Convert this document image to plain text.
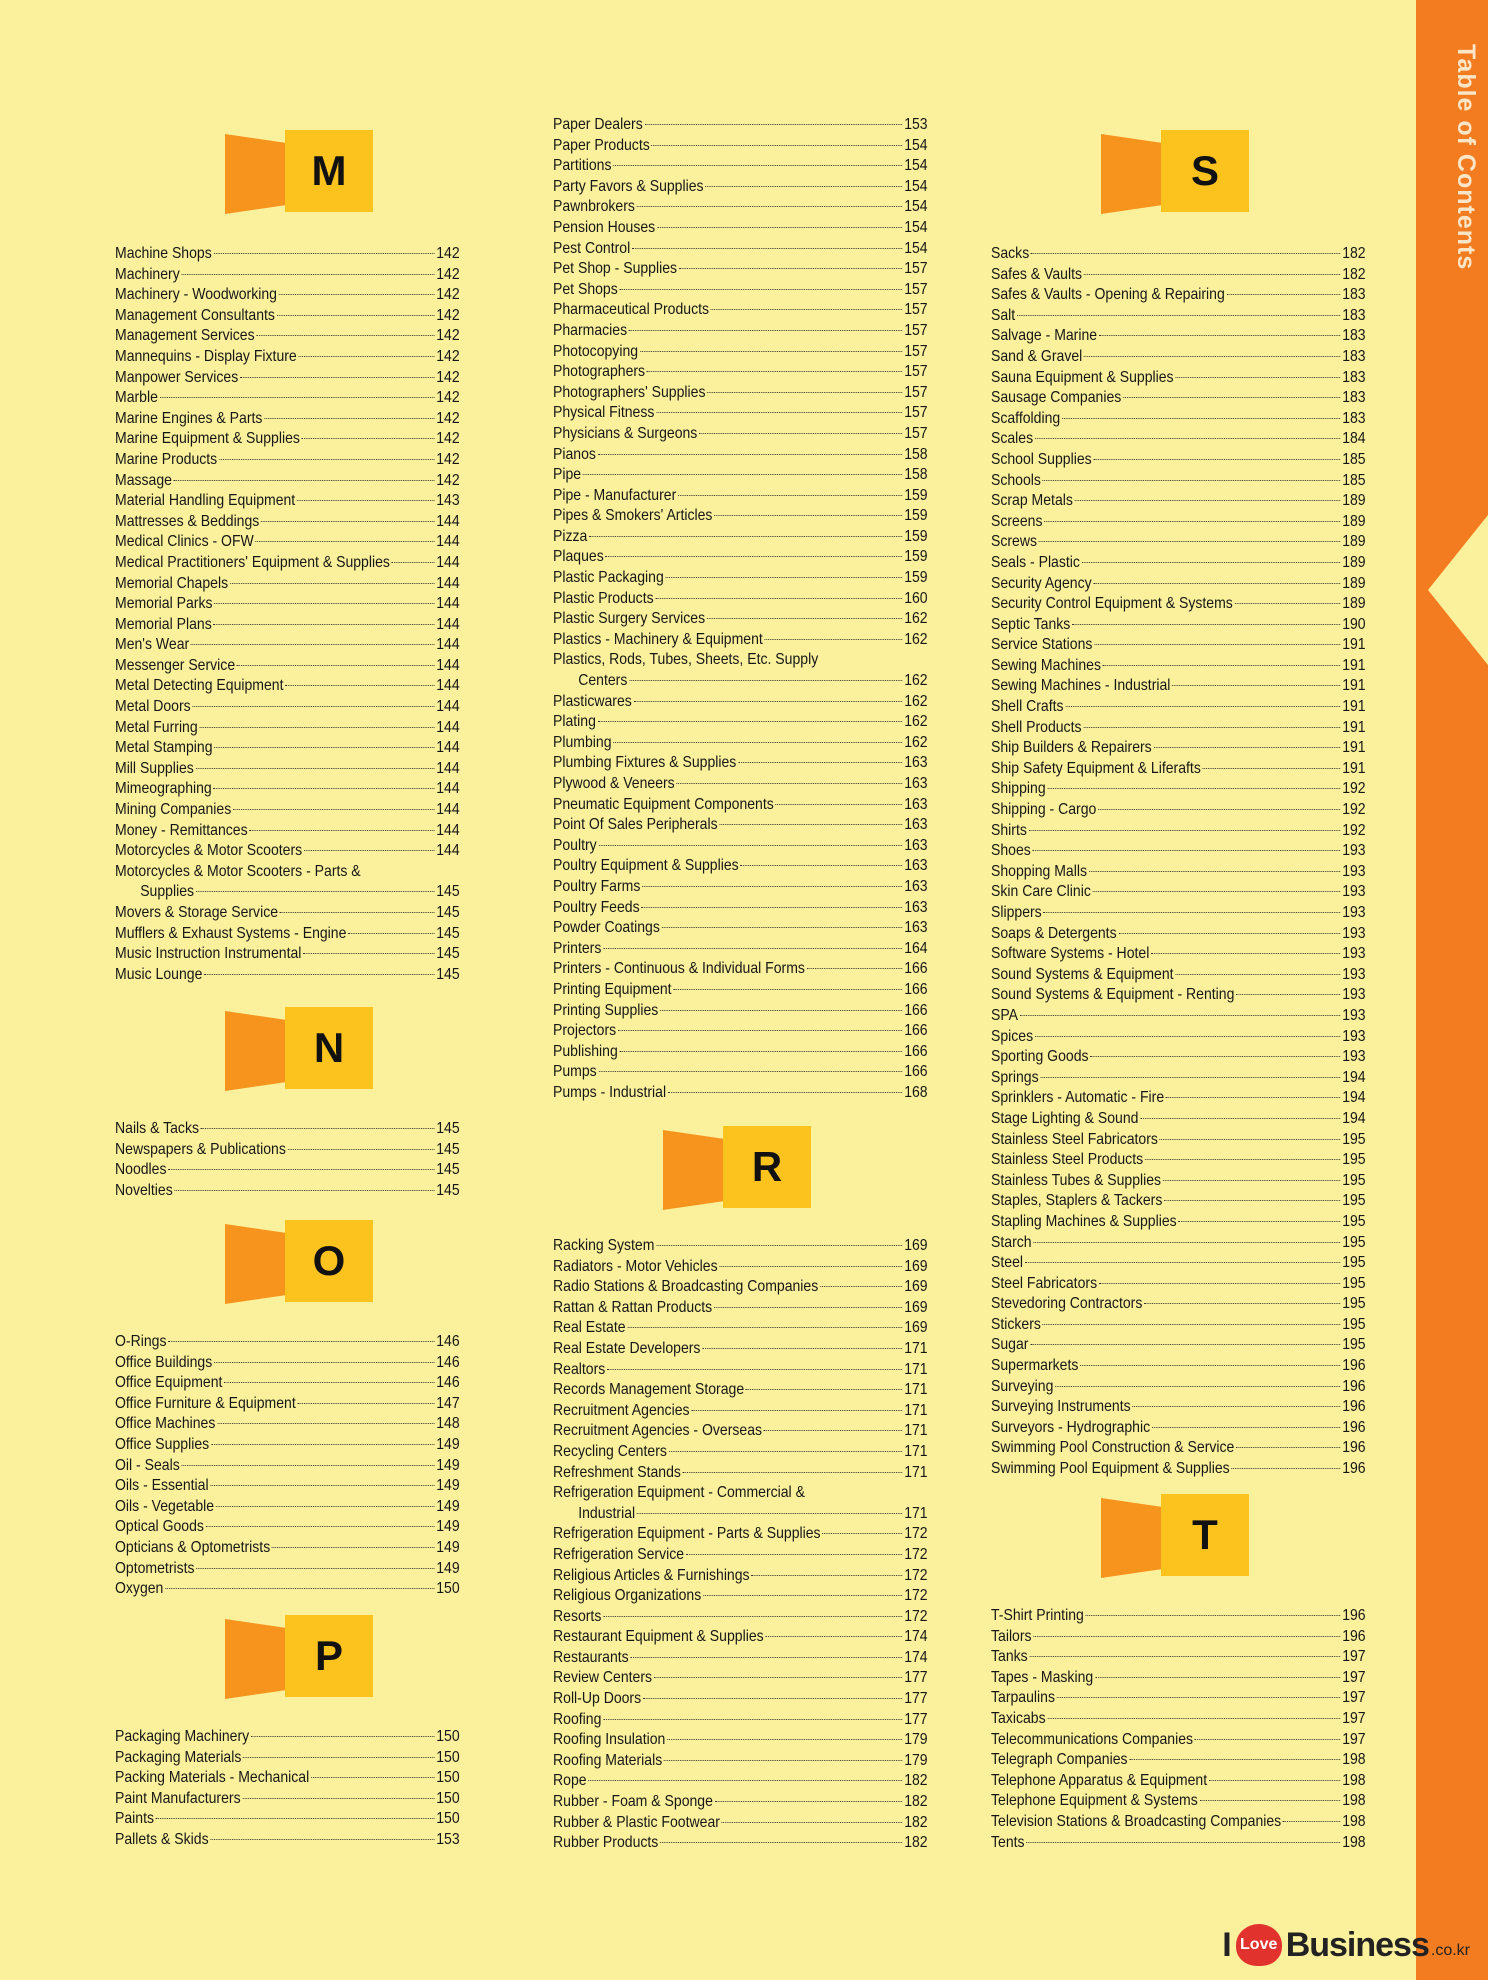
M
Machine Shops	142
Machinery	142
Machinery - Woodworking	142
Management Consultants	142
Management Services	142
Mannequins - Display Fixture	142
Manpower Services	142
Marble	142
Marine Engines & Parts	142
Marine Equipment & Supplies	142
Marine Products	142
Massage	142
Material Handling Equipment	143
Mattresses & Beddings	144
Medical Clinics - OFW	144
Medical Practitioners' Equipment & Supplies	144
Memorial Chapels	144
Memorial Parks	144
Memorial Plans	144
Men's Wear	144
Messenger Service	144
Metal Detecting Equipment	144
Metal Doors	144
Metal Furring	144
Metal Stamping	144
Mill Supplies	144
Mimeographing	144
Mining Companies	144
Money - Remittances	144
Motorcycles & Motor Scooters	144
Motorcycles & Motor Scooters - Parts &
Supplies	145
Movers & Storage Service	145
Mufflers & Exhaust Systems - Engine	145
Music Instruction Instrumental	145
Music Lounge	145
N
Nails & Tacks	145
Newspapers & Publications	145
Noodles	145
Novelties	145
O
O-Rings	146
Office Buildings	146
Office Equipment	146
Office Furniture & Equipment	147
Office Machines	148
Office Supplies	149
Oil - Seals	149
Oils - Essential	149
Oils - Vegetable	149
Optical Goods	149
Opticians & Optometrists	149
Optometrists	149
Oxygen	150
P
Packaging Machinery	150
Packaging Materials	150
Packing Materials - Mechanical	150
Paint Manufacturers	150
Paints	150
Pallets & Skids	153
Paper Dealers	153
Paper Products	154
Partitions	154
Party Favors & Supplies	154
Pawnbrokers	154
Pension Houses	154
Pest Control	154
Pet Shop - Supplies	157
Pet Shops	157
Pharmaceutical Products	157
Pharmacies	157
Photocopying	157
Photographers	157
Photographers' Supplies	157
Physical Fitness	157
Physicians & Surgeons	157
Pianos	158
Pipe	158
Pipe - Manufacturer	159
Pipes & Smokers' Articles	159
Pizza	159
Plaques	159
Plastic Packaging	159
Plastic Products	160
Plastic Surgery Services	162
Plastics - Machinery & Equipment	162
Plastics, Rods, Tubes, Sheets, Etc. Supply
Centers	162
Plasticwares	162
Plating	162
Plumbing	162
Plumbing Fixtures & Supplies	163
Plywood & Veneers	163
Pneumatic Equipment Components	163
Point Of Sales Peripherals	163
Poultry	163
Poultry Equipment & Supplies	163
Poultry Farms	163
Poultry Feeds	163
Powder Coatings	163
Printers	164
Printers - Continuous & Individual Forms	166
Printing Equipment	166
Printing Supplies	166
Projectors	166
Publishing	166
Pumps	166
Pumps - Industrial	168
R
Racking System	169
Radiators - Motor Vehicles	169
Radio Stations & Broadcasting Companies	169
Rattan & Rattan Products	169
Real Estate	169
Real Estate Developers	171
Realtors	171
Records Management Storage	171
Recruitment Agencies	171
Recruitment Agencies - Overseas	171
Recycling Centers	171
Refreshment Stands	171
Refrigeration Equipment - Commercial &
Industrial	171
Refrigeration Equipment - Parts & Supplies	172
Refrigeration Service	172
Religious Articles & Furnishings	172
Religious Organizations	172
Resorts	172
Restaurant Equipment & Supplies	174
Restaurants	174
Review Centers	177
Roll-Up Doors	177
Roofing	177
Roofing Insulation	179
Roofing Materials	179
Rope	182
Rubber - Foam & Sponge	182
Rubber & Plastic Footwear	182
Rubber Products	182
S
Sacks	182
Safes & Vaults	182
Safes & Vaults - Opening & Repairing	183
Salt	183
Salvage - Marine	183
Sand & Gravel	183
Sauna Equipment & Supplies	183
Sausage Companies	183
Scaffolding	183
Scales	184
School Supplies	185
Schools	185
Scrap Metals	189
Screens	189
Screws	189
Seals - Plastic	189
Security Agency	189
Security Control Equipment & Systems	189
Septic Tanks	190
Service Stations	191
Sewing Machines	191
Sewing Machines - Industrial	191
Shell Crafts	191
Shell Products	191
Ship Builders & Repairers	191
Ship Safety Equipment & Liferafts	191
Shipping	192
Shipping - Cargo	192
Shirts	192
Shoes	193
Shopping Malls	193
Skin Care Clinic	193
Slippers	193
Soaps & Detergents	193
Software Systems - Hotel	193
Sound Systems & Equipment	193
Sound Systems & Equipment - Renting	193
SPA	193
Spices	193
Sporting Goods	193
Springs	194
Sprinklers - Automatic - Fire	194
Stage Lighting & Sound	194
Stainless Steel Fabricators	195
Stainless Steel Products	195
Stainless Tubes & Supplies	195
Staples, Staplers & Tackers	195
Stapling Machines & Supplies	195
Starch	195
Steel	195
Steel Fabricators	195
Stevedoring Contractors	195
Stickers	195
Sugar	195
Supermarkets	196
Surveying	196
Surveying Instruments	196
Surveyors - Hydrographic	196
Swimming Pool Construction & Service	196
Swimming Pool Equipment & Supplies	196
T
T-Shirt Printing	196
Tailors	196
Tanks	197
Tapes - Masking	197
Tarpaulins	197
Taxicabs	197
Telecommunications Companies	197
Telegraph Companies	198
Telephone Apparatus & Equipment	198
Telephone Equipment & Systems	198
Television Stations & Broadcasting Companies	198
Tents	198
Table of Contents
I Love Business .co.kr
